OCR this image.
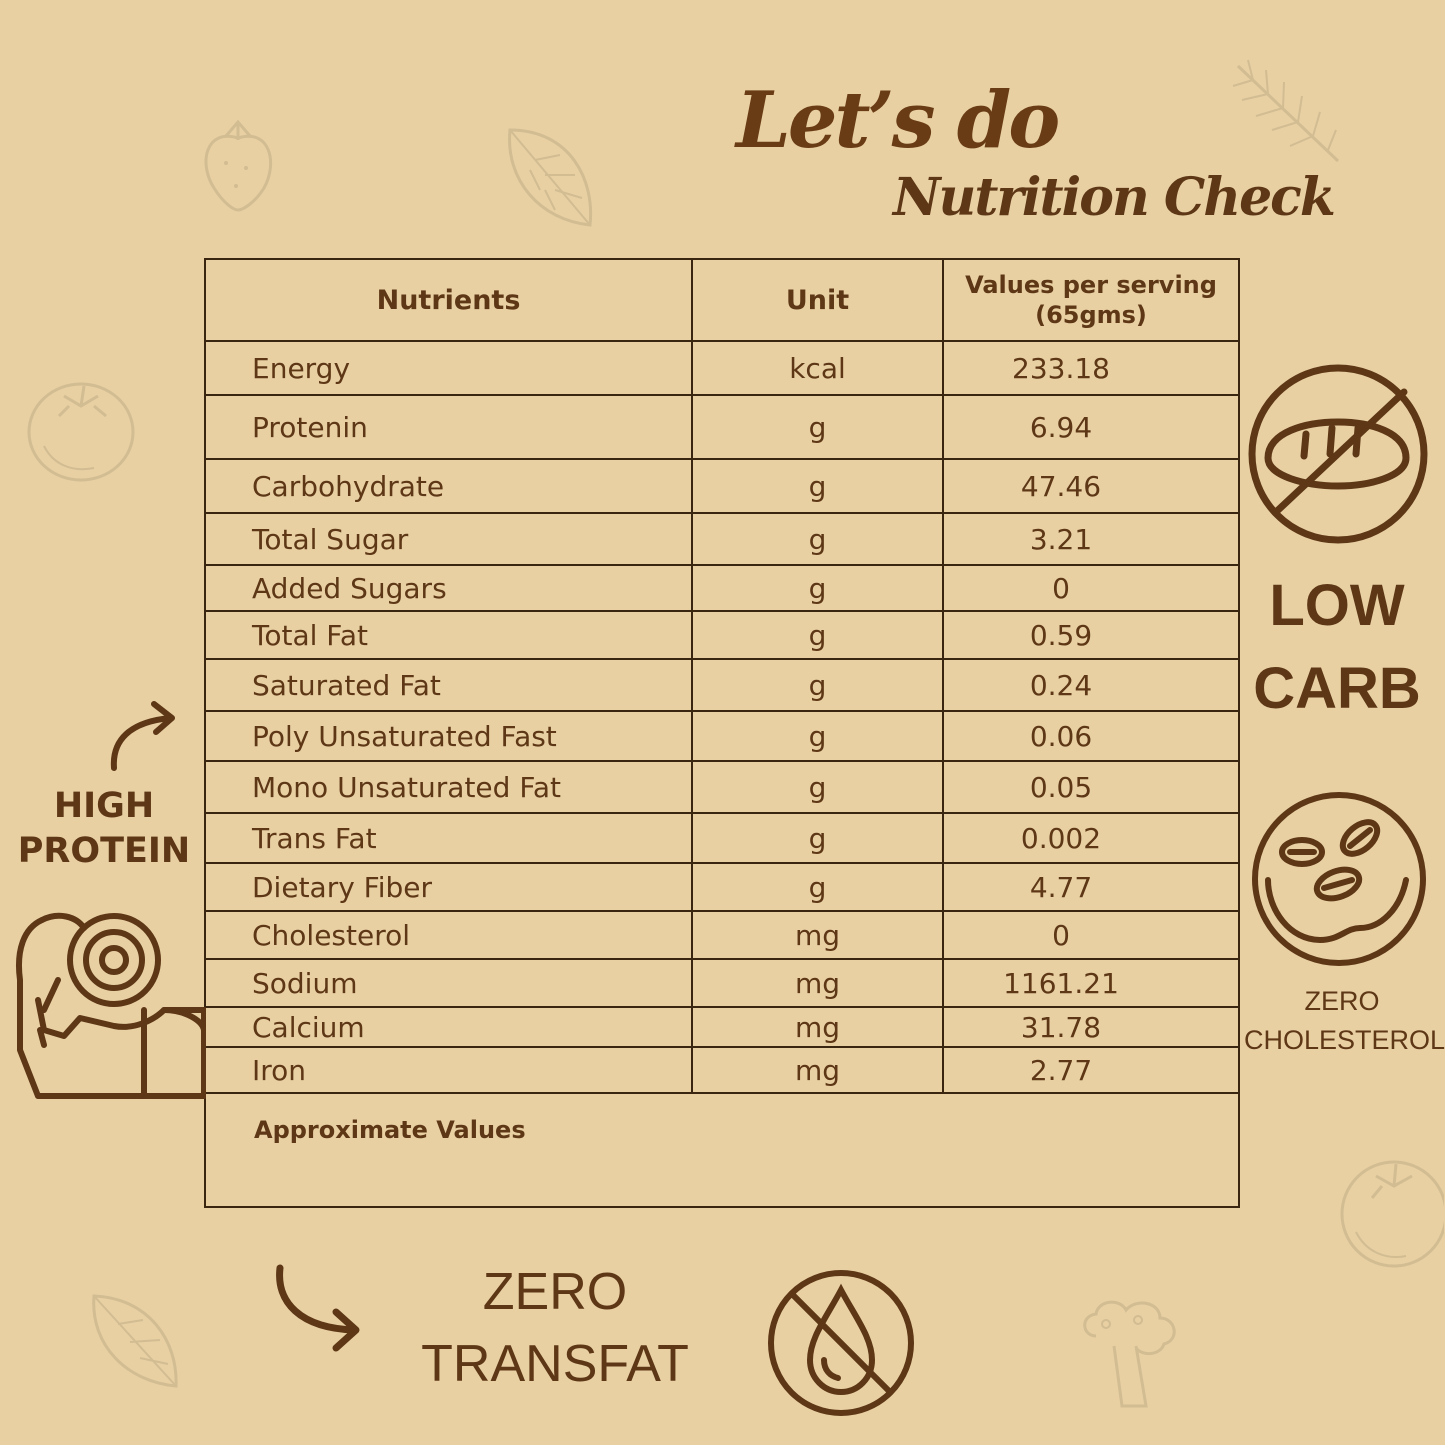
Let’s do
Nutrition Check
Nutrients	Unit	Values per serving (65gms)
Energy	kcal	233.18
Protenin	g	6.94
Carbohydrate	g	47.46
Total Sugar	g	3.21
Added Sugars	g	0
Total Fat	g	0.59
Saturated Fat	g	0.24
Poly Unsaturated Fast	g	0.06
Mono Unsaturated Fat	g	0.05
Trans Fat	g	0.002
Dietary Fiber	g	4.77
Cholesterol	mg	0
Sodium	mg	1161.21
Calcium	mg	31.78
Iron	mg	2.77
Approximate Values		
HIGH
PROTEIN
LOW
CARB
ZERO
CHOLESTEROL
ZERO
TRANSFAT
